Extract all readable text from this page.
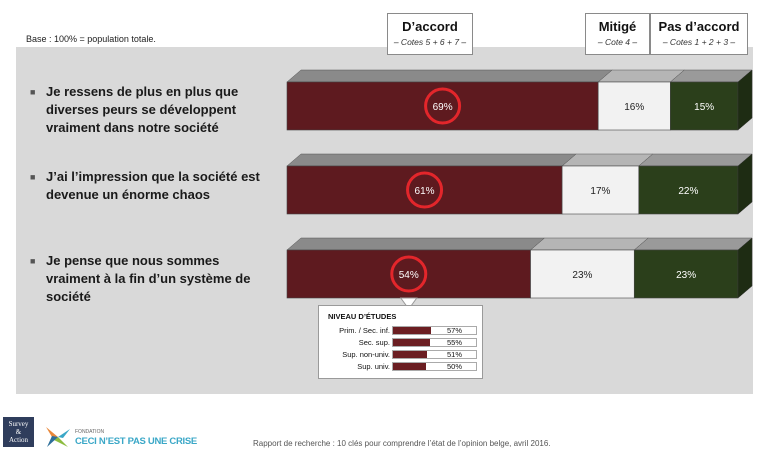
Base : 100% = population totale.
69%	16%	15%
61%	17%	22%
54%	23%	23%
D’accord
– Cotes 5 + 6 + 7 –
Mitigé
– Cote 4 –
Pas d’accord
– Cotes 1 + 2 + 3 –
■ Je ressens de plus en plus que diverses peurs se développent vraiment dans notre société
■ J’ai l’impression que la société est devenue un énorme chaos
■ Je pense que nous sommes vraiment à la fin d’un système de société
NIVEAU D’ÉTUDES
Prim. / Sec. inf.	57%
Sec. sup.	55%
Sup. non-univ.	51%
Sup. univ.	50%
Survey
&
Action
FONDATION
CECI N’EST PAS UNE CRISE	Rapport de recherche : 10 clés pour comprendre l’état de l’opinion belge, avril 2016.
